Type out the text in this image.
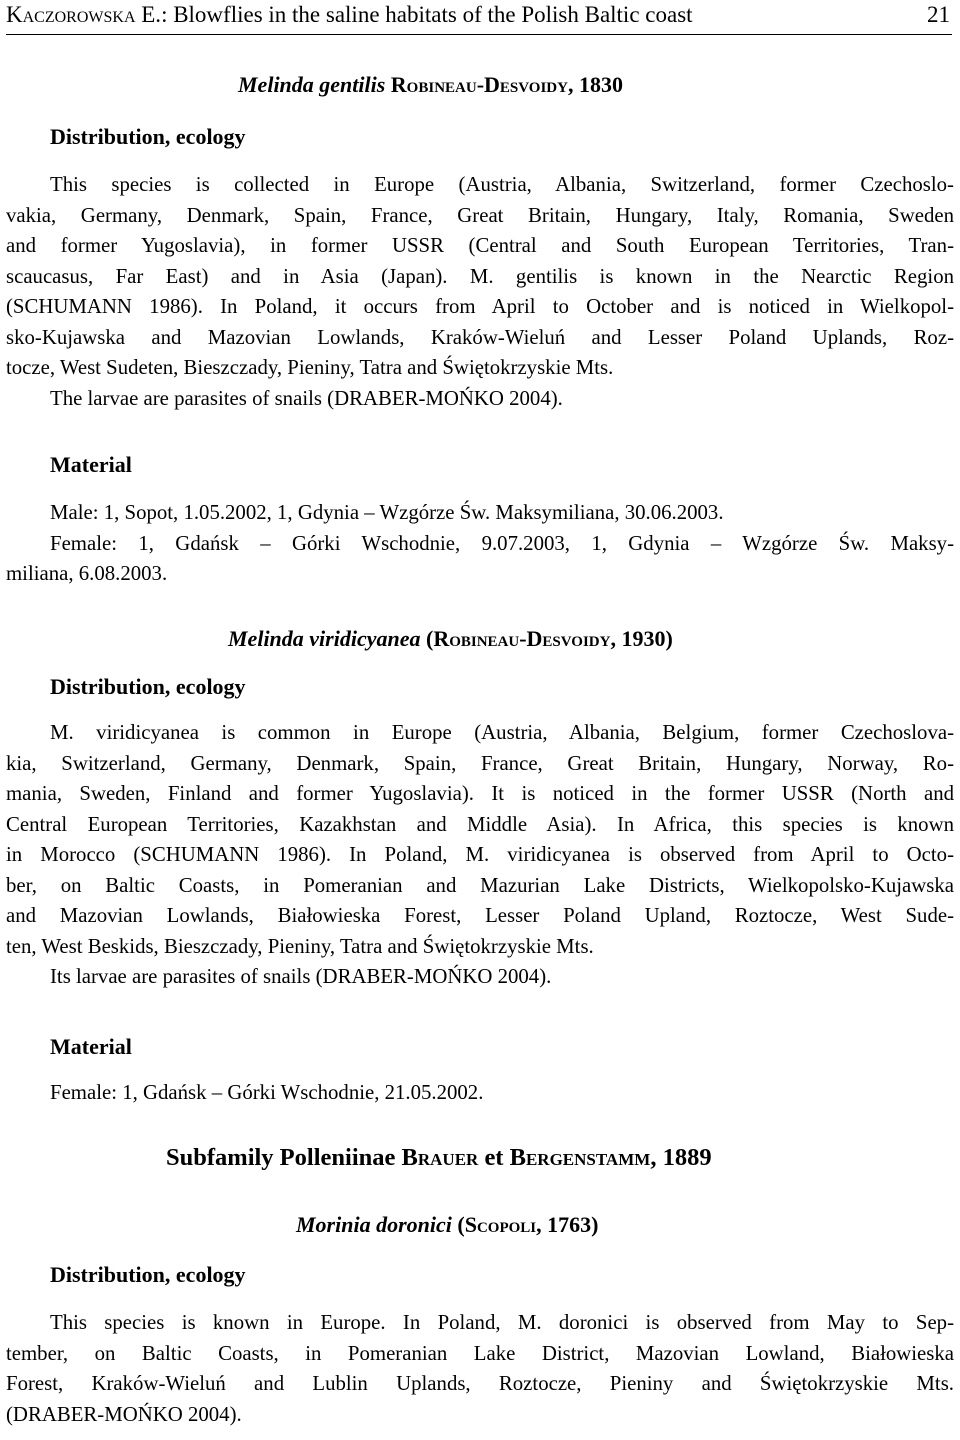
Kaczorowska E.: Blowflies in the saline habitats of the Polish Baltic coast	21
Melinda gentilis Robineau-Desvoidy, 1830
Distribution, ecology
This species is collected in Europe (Austria, Albania, Switzerland, former Czechoslo-
vakia, Germany, Denmark, Spain, France, Great Britain, Hungary, Italy, Romania, Sweden
and former Yugoslavia), in former USSR (Central and South European Territories, Tran-
scaucasus, Far East) and in Asia (Japan). M. gentilis is known in the Nearctic Region
(SCHUMANN 1986). In Poland, it occurs from April to October and is noticed in Wielkopol-
sko-Kujawska and Mazovian Lowlands, Kraków-Wieluń and Lesser Poland Uplands, Roz-
tocze, West Sudeten, Bieszczady, Pieniny, Tatra and Świętokrzyskie Mts.
The larvae are parasites of snails (DRABER-MOŃKO 2004).
Material
Male: 1, Sopot, 1.05.2002, 1, Gdynia – Wzgórze Św. Maksymiliana, 30.06.2003.
Female: 1, Gdańsk – Górki Wschodnie, 9.07.2003, 1, Gdynia – Wzgórze Św. Maksy-
miliana, 6.08.2003.
Melinda viridicyanea (Robineau-Desvoidy, 1930)
Distribution, ecology
M. viridicyanea is common in Europe (Austria, Albania, Belgium, former Czechoslova-
kia, Switzerland, Germany, Denmark, Spain, France, Great Britain, Hungary, Norway, Ro-
mania, Sweden, Finland and former Yugoslavia). It is noticed in the former USSR (North and
Central European Territories, Kazakhstan and Middle Asia). In Africa, this species is known
in Morocco (SCHUMANN 1986). In Poland, M. viridicyanea is observed from April to Octo-
ber, on Baltic Coasts, in Pomeranian and Mazurian Lake Districts, Wielkopolsko-Kujawska
and Mazovian Lowlands, Białowieska Forest, Lesser Poland Upland, Roztocze, West Sude-
ten, West Beskids, Bieszczady, Pieniny, Tatra and Świętokrzyskie Mts.
Its larvae are parasites of snails (DRABER-MOŃKO 2004).
Material
Female: 1, Gdańsk – Górki Wschodnie, 21.05.2002.
Subfamily Polleniinae Brauer et Bergenstamm, 1889
Morinia doronici (Scopoli, 1763)
Distribution, ecology
This species is known in Europe. In Poland, M. doronici is observed from May to Sep-
tember, on Baltic Coasts, in Pomeranian Lake District, Mazovian Lowland, Białowieska
Forest, Kraków-Wieluń and Lublin Uplands, Roztocze, Pieniny and Świętokrzyskie Mts.
(DRABER-MOŃKO 2004).
